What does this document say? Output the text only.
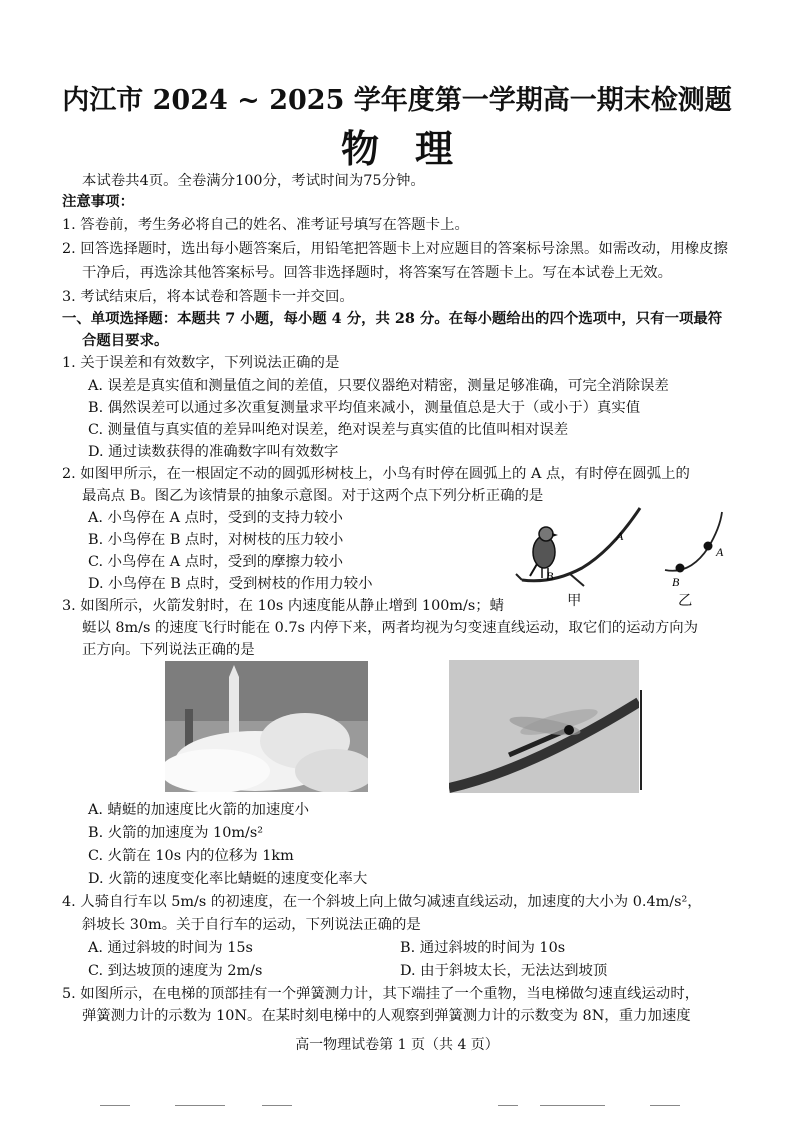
内江市 2024 ~ 2025 学年度第一学期高一期末检测题
物理
本试卷共4页。全卷满分100分，考试时间为75分钟。
注意事项：
1. 答卷前，考生务必将自己的姓名、准考证号填写在答题卡上。
2. 回答选择题时，选出每小题答案后，用铅笔把答题卡上对应题目的答案标号涂黑。如需改动，用橡皮擦
干净后，再选涂其他答案标号。回答非选择题时，将答案写在答题卡上。写在本试卷上无效。
3. 考试结束后，将本试卷和答题卡一并交回。
一、单项选择题：本题共 7 小题，每小题 4 分，共 28 分。在每小题给出的四个选项中，只有一项最符
合题目要求。
1. 关于误差和有效数字，下列说法正确的是
A. 误差是真实值和测量值之间的差值，只要仪器绝对精密，测量足够准确，可完全消除误差
B. 偶然误差可以通过多次重复测量求平均值来减小，测量值总是大于（或小于）真实值
C. 测量值与真实值的差异叫绝对误差，绝对误差与真实值的比值叫相对误差
D. 通过读数获得的准确数字叫有效数字
2. 如图甲所示，在一根固定不动的圆弧形树枝上，小鸟有时停在圆弧上的 A 点，有时停在圆弧上的
最高点 B。图乙为该情景的抽象示意图。对于这两个点下列分析正确的是
A. 小鸟停在 A 点时，受到的支持力较小
B. 小鸟停在 B 点时，对树枝的压力较小
C. 小鸟停在 A 点时，受到的摩擦力较小
D. 小鸟停在 B 点时，受到树枝的作用力较小
A
B
甲
A
B
乙
3. 如图所示，火箭发射时，在 10s 内速度能从静止增到 100m/s；蜻
蜓以 8m/s 的速度飞行时能在 0.7s 内停下来，两者均视为匀变速直线运动，取它们的运动方向为
正方向。下列说法正确的是
A. 蜻蜓的加速度比火箭的加速度小
B. 火箭的加速度为 10m/s²
C. 火箭在 10s 内的位移为 1km
D. 火箭的速度变化率比蜻蜓的速度变化率大
4. 人骑自行车以 5m/s 的初速度，在一个斜坡上向上做匀减速直线运动，加速度的大小为 0.4m/s²，
斜坡长 30m。关于自行车的运动，下列说法正确的是
A. 通过斜坡的时间为 15s	B. 通过斜坡的时间为 10s
C. 到达坡顶的速度为 2m/s	D. 由于斜坡太长，无法达到坡顶
5. 如图所示，在电梯的顶部挂有一个弹簧测力计，其下端挂了一个重物，当电梯做匀速直线运动时，
弹簧测力计的示数为 10N。在某时刻电梯中的人观察到弹簧测力计的示数变为 8N，重力加速度
高一物理试卷第 1 页（共 4 页）
